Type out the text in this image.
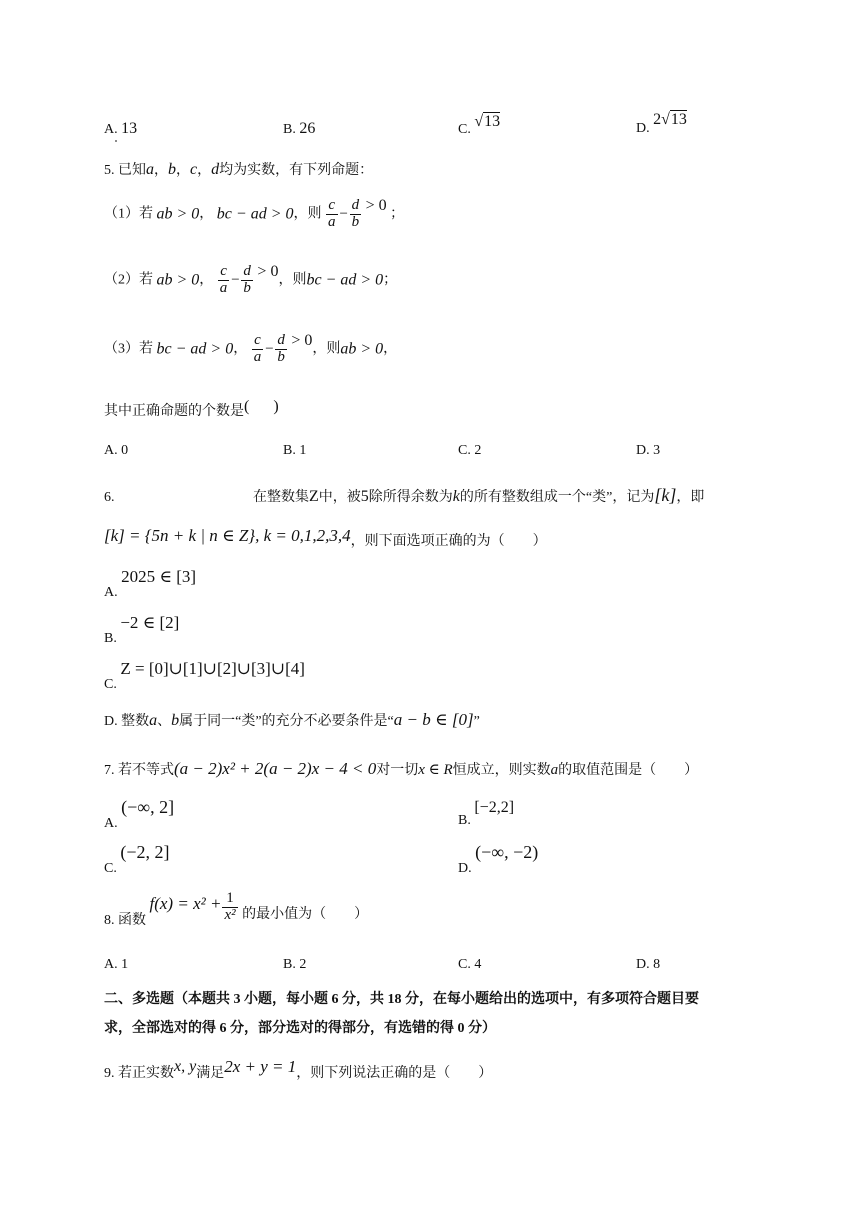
A. 13	B. 26	C. √13	D. 2√13
5. 已知a，b，c，d均为实数，有下列命题：
（1）若 ab > 0， bc − ad > 0，则 $\frac{c}{a} - \frac{d}{b} > 0$ ；
（2）若 ab > 0， $\frac{c}{a} - \frac{d}{b} > 0$，则bc − ad > 0；
（3）若 bc − ad > 0， $\frac{c}{a} - \frac{d}{b} > 0$，则ab > 0，
其中正确命题的个数是(      )
A. 0	B. 1	C. 2	D. 3
6.	在整数集Z中，被5除所得余数为k的所有整数组成一个“类”，记为[k]，即
[k] = {5n + k | n ∈ Z}, k = 0,1,2,3,4，则下面选项正确的为（        ）
A. 2025 ∈ [3]
B. −2 ∈ [2]
C. Z = [0]∪[1]∪[2]∪[3]∪[4]
D. 整数a、b属于同一“类”的充分不必要条件是“a − b ∈ [0]”
7. 若不等式(a − 2)x² + 2(a − 2)x − 4 < 0对一切x ∈ R恒成立，则实数a的取值范围是（        ）
A. (−∞, 2]
B. [−2,2]
C. (−2, 2]
D. (−∞, −2)
8. 函数 $f(x) = x^2 + \frac{1}{\text{x²}}$ 的最小值为（        ）
A. 1	B. 2	C. 4	D. 8
二、多选题（本题共 3 小题，每小题 6 分，共 18 分，在每小题给出的选项中，有多项符合题目要
求，全部选对的得 6 分，部分选对的得部分，有选错的得 0 分）
9. 若正实数x, y满足2x + y = 1，则下列说法正确的是（        ）
